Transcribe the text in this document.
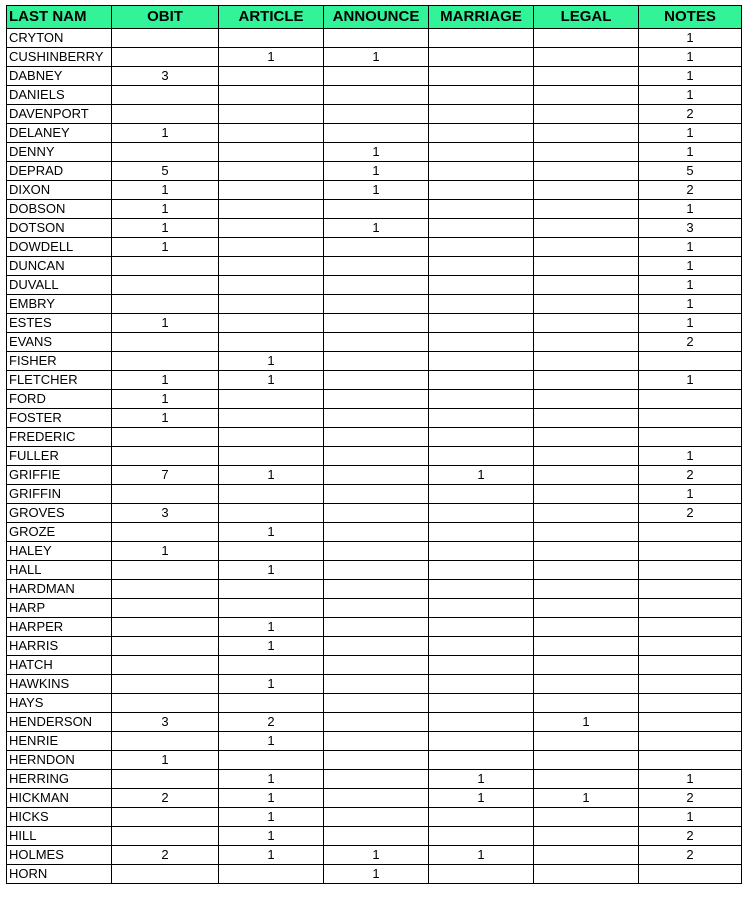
LAST NAM	OBIT	ARTICLE	ANNOUNCE	MARRIAGE	LEGAL	NOTES
CRYTON						1
CUSHINBERRY		1	1			1
DABNEY	3					1
DANIELS						1
DAVENPORT						2
DELANEY	1					1
DENNY			1			1
DEPRAD	5		1			5
DIXON	1		1			2
DOBSON	1					1
DOTSON	1		1			3
DOWDELL	1					1
DUNCAN						1
DUVALL						1
EMBRY						1
ESTES	1					1
EVANS						2
FISHER		1				
FLETCHER	1	1				1
FORD	1					
FOSTER	1					
FREDERIC						
FULLER						1
GRIFFIE	7	1		1		2
GRIFFIN						1
GROVES	3					2
GROZE		1				
HALEY	1					
HALL		1				
HARDMAN						
HARP						
HARPER		1				
HARRIS		1				
HATCH						
HAWKINS		1				
HAYS						
HENDERSON	3	2			1	
HENRIE		1				
HERNDON	1					
HERRING		1		1		1
HICKMAN	2	1		1	1	2
HICKS		1				1
HILL		1				2
HOLMES	2	1	1	1		2
HORN			1			
